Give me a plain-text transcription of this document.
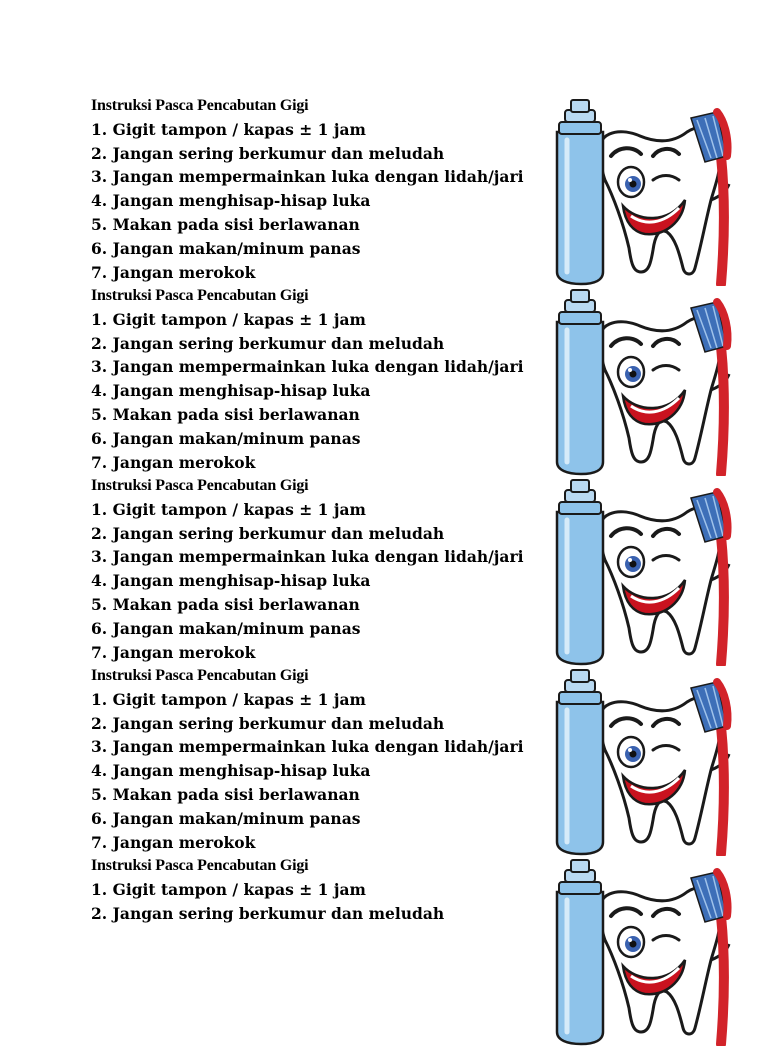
Instruksi Pasca Pencabutan Gigi
1. Gigit tampon / kapas ± 1 jam
2. Jangan sering berkumur dan meludah
3. Jangan mempermainkan luka dengan lidah/jari
4. Jangan menghisap-hisap luka
5. Makan pada sisi berlawanan
6. Jangan makan/minum panas
7. Jangan merokok
Instruksi Pasca Pencabutan Gigi
1. Gigit tampon / kapas ± 1 jam
2. Jangan sering berkumur dan meludah
3. Jangan mempermainkan luka dengan lidah/jari
4. Jangan menghisap-hisap luka
5. Makan pada sisi berlawanan
6. Jangan makan/minum panas
7. Jangan merokok
Instruksi Pasca Pencabutan Gigi
1. Gigit tampon / kapas ± 1 jam
2. Jangan sering berkumur dan meludah
3. Jangan mempermainkan luka dengan lidah/jari
4. Jangan menghisap-hisap luka
5. Makan pada sisi berlawanan
6. Jangan makan/minum panas
7. Jangan merokok
Instruksi Pasca Pencabutan Gigi
1. Gigit tampon / kapas ± 1 jam
2. Jangan sering berkumur dan meludah
3. Jangan mempermainkan luka dengan lidah/jari
4. Jangan menghisap-hisap luka
5. Makan pada sisi berlawanan
6. Jangan makan/minum panas
7. Jangan merokok
Instruksi Pasca Pencabutan Gigi
1. Gigit tampon / kapas ± 1 jam
2. Jangan sering berkumur dan meludah
